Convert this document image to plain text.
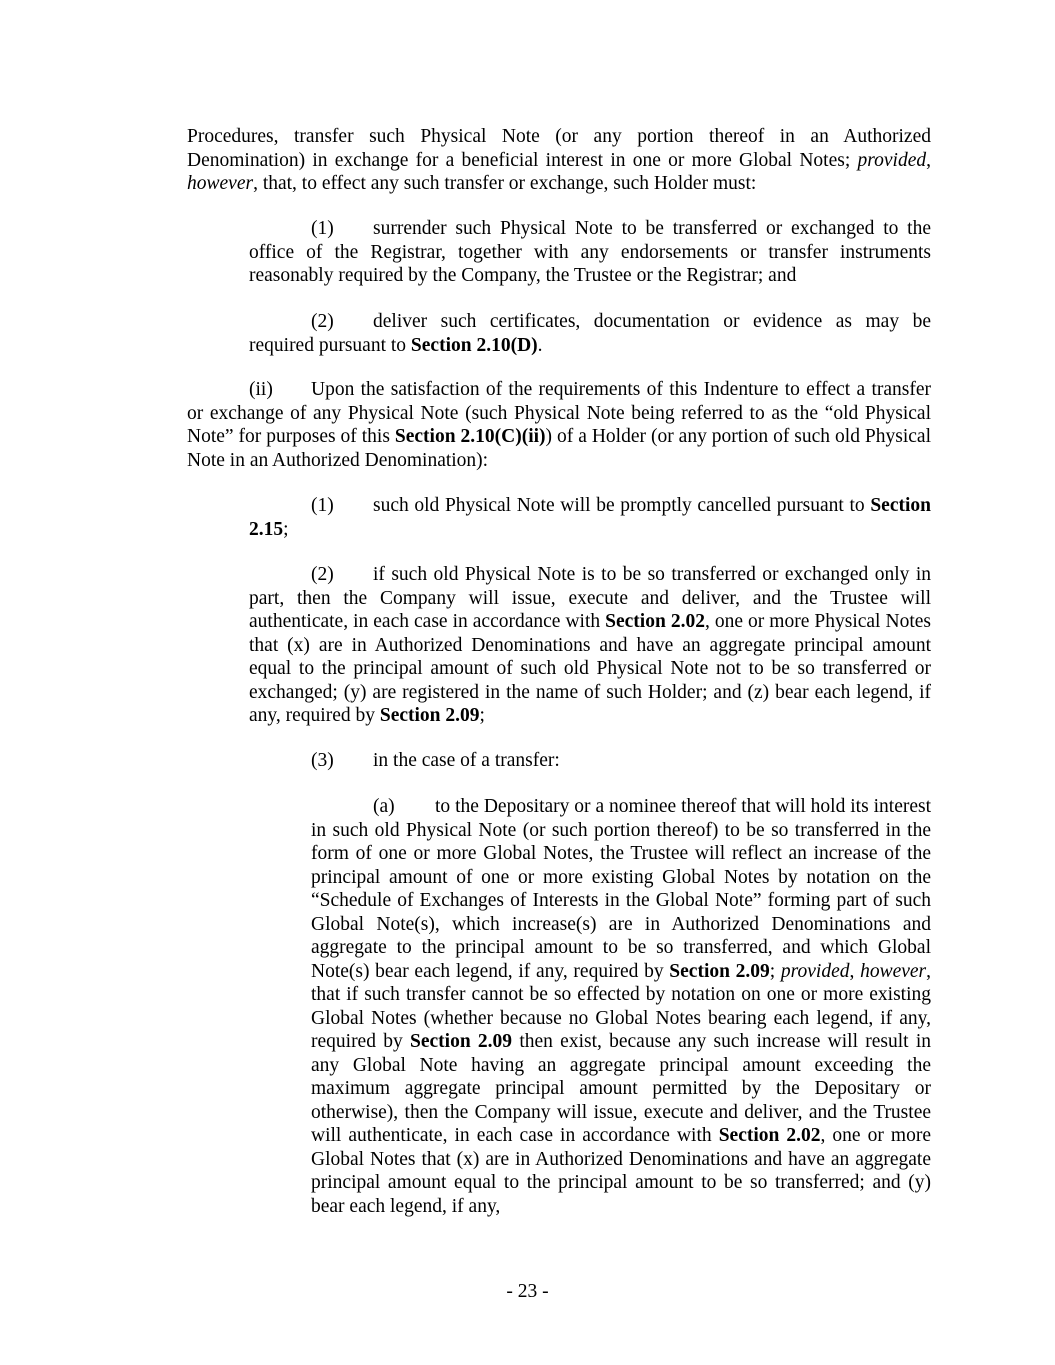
Procedures, transfer such Physical Note (or any portion thereof in an Authorized Denomination) in exchange for a beneficial interest in one or more Global Notes; provided, however, that, to effect any such transfer or exchange, such Holder must:

(1) surrender such Physical Note to be transferred or exchanged to the office of the Registrar, together with any endorsements or transfer instruments reasonably required by the Company, the Trustee or the Registrar; and

(2) deliver such certificates, documentation or evidence as may be required pursuant to Section 2.10(D).

(ii) Upon the satisfaction of the requirements of this Indenture to effect a transfer or exchange of any Physical Note (such Physical Note being referred to as the “old Physical Note” for purposes of this Section 2.10(C)(ii)) of a Holder (or any portion of such old Physical Note in an Authorized Denomination):

(1) such old Physical Note will be promptly cancelled pursuant to Section 2.15;

(2) if such old Physical Note is to be so transferred or exchanged only in part, then the Company will issue, execute and deliver, and the Trustee will authenticate, in each case in accordance with Section 2.02, one or more Physical Notes that (x) are in Authorized Denominations and have an aggregate principal amount equal to the principal amount of such old Physical Note not to be so transferred or exchanged; (y) are registered in the name of such Holder; and (z) bear each legend, if any, required by Section 2.09;

(3) in the case of a transfer:

(a) to the Depositary or a nominee thereof that will hold its interest in such old Physical Note (or such portion thereof) to be so transferred in the form of one or more Global Notes, the Trustee will reflect an increase of the principal amount of one or more existing Global Notes by notation on the “Schedule of Exchanges of Interests in the Global Note” forming part of such Global Note(s), which increase(s) are in Authorized Denominations and aggregate to the principal amount to be so transferred, and which Global Note(s) bear each legend, if any, required by Section 2.09; provided, however, that if such transfer cannot be so effected by notation on one or more existing Global Notes (whether because no Global Notes bearing each legend, if any, required by Section 2.09 then exist, because any such increase will result in any Global Note having an aggregate principal amount exceeding the maximum aggregate principal amount permitted by the Depositary or otherwise), then the Company will issue, execute and deliver, and the Trustee will authenticate, in each case in accordance with Section 2.02, one or more Global Notes that (x) are in Authorized Denominations and have an aggregate principal amount equal to the principal amount to be so transferred; and (y) bear each legend, if any,

- 23 -
